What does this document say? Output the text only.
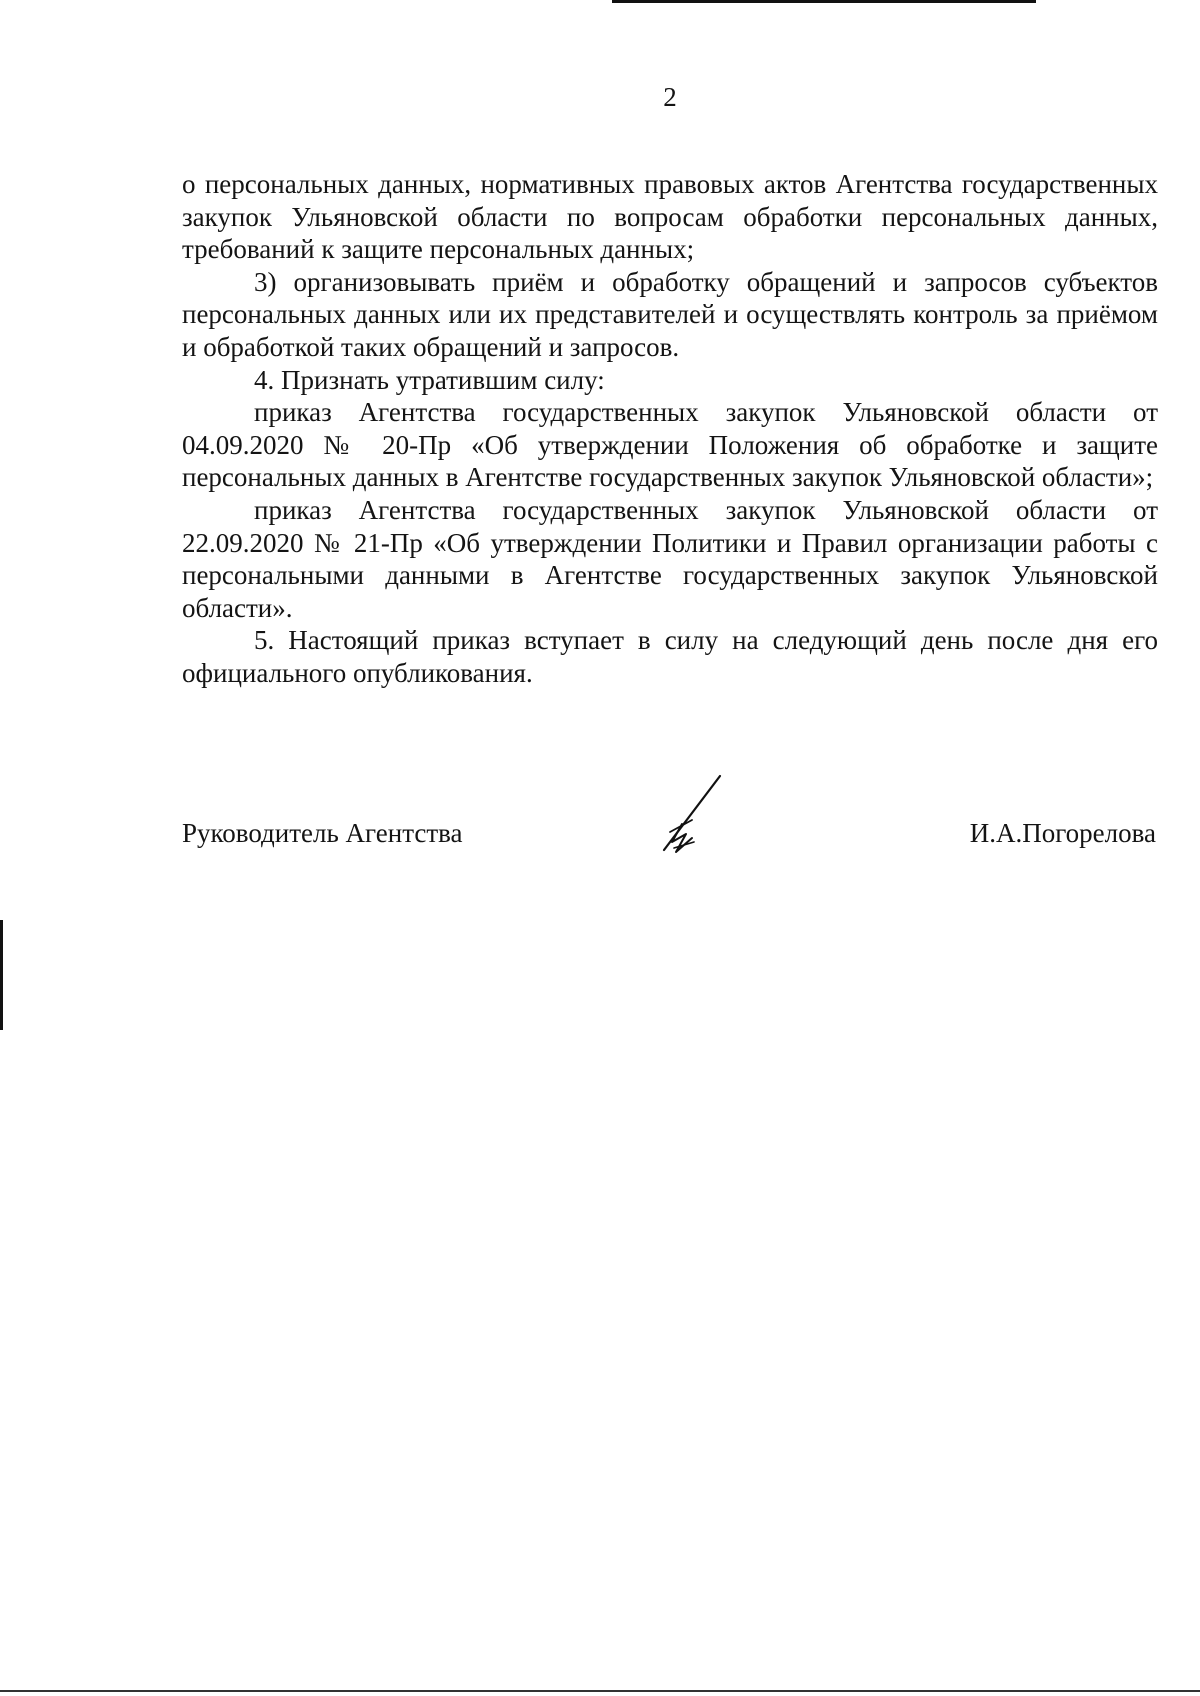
2

о персональных данных, нормативных правовых актов Агентства государственных закупок Ульяновской области по вопросам обработки персональных данных, требований к защите персональных данных;

3) организовывать приём и обработку обращений и запросов субъектов персональных данных или их представителей и осуществлять контроль за приёмом и обработкой таких обращений и запросов.

4. Признать утратившим силу:

приказ Агентства государственных закупок Ульяновской области от 04.09.2020 № 20-Пр «Об утверждении Положения об обработке и защите персональных данных в Агентстве государственных закупок Ульяновской области»;

приказ Агентства государственных закупок Ульяновской области от 22.09.2020 № 21-Пр «Об утверждении Политики и Правил организации работы с персональными данными в Агентстве государственных закупок Ульяновской области».

5. Настоящий приказ вступает в силу на следующий день после дня его официального опубликования.

Руководитель Агентства	И.А.Погорелова
